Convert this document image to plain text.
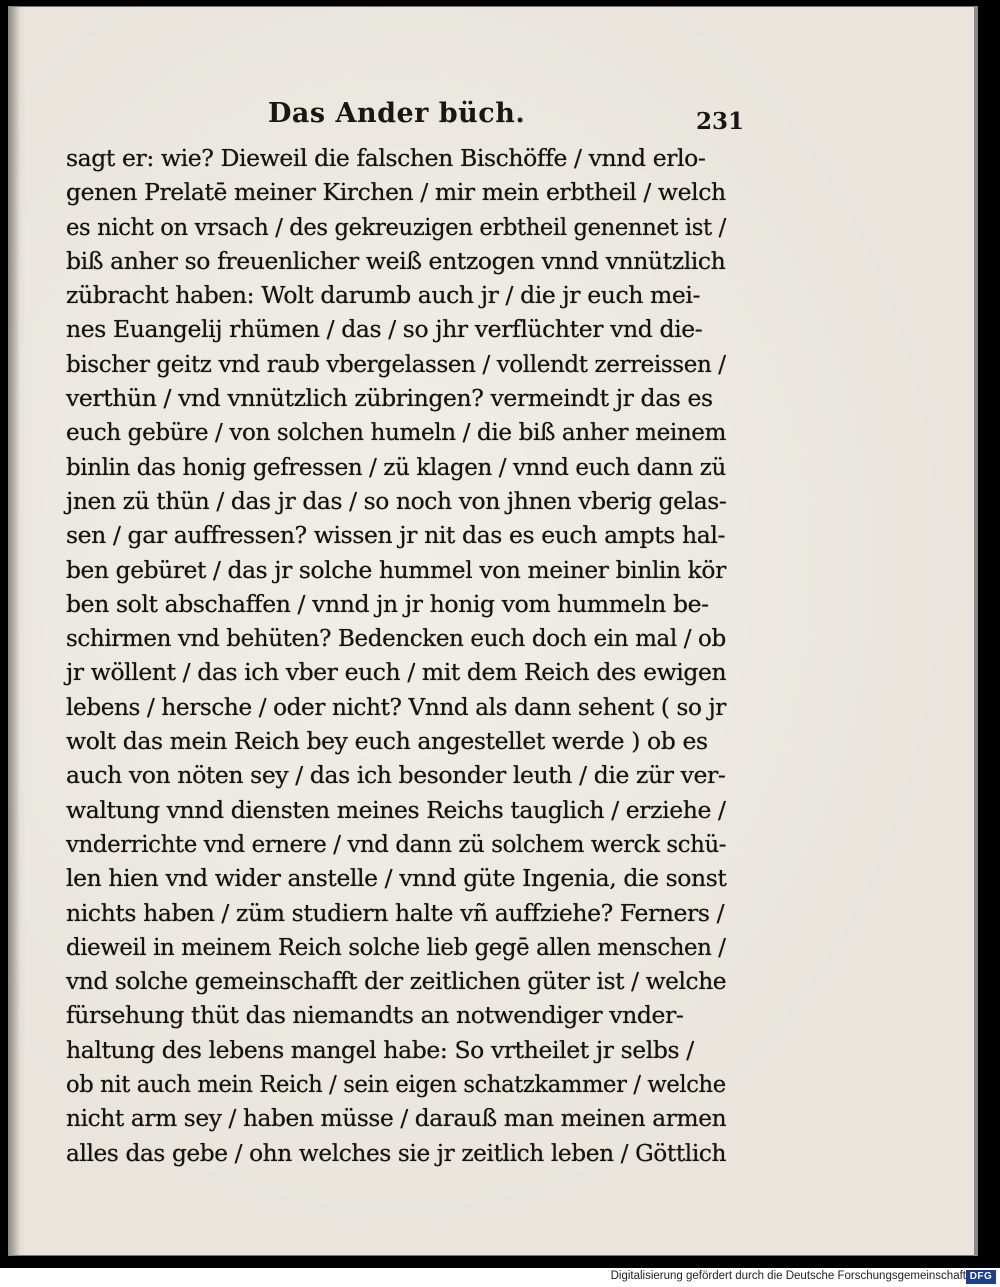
Das Ander büch.	231
sagt er: wie? Dieweil die falschen Bischöffe / vnnd erlo-
genen Prelatē meiner Kirchen / mir mein erbtheil / welch
es nicht on vrsach / des gekreuzigen erbtheil genennet ist /
biß anher so freuenlicher weiß entzogen vnnd vnnützlich
zübracht haben: Wolt darumb auch jr / die jr euch mei-
nes Euangelij rhümen / das / so jhr verflüchter vnd die-
bischer geitz vnd raub vbergelassen / vollendt zerreissen /
verthün / vnd vnnützlich zübringen? vermeindt jr das es
euch gebüre / von solchen humeln / die biß anher meinem
binlin das honig gefressen / zü klagen / vnnd euch dann zü
jnen zü thün / das jr das / so noch von jhnen vberig gelas-
sen / gar auffressen? wissen jr nit das es euch ampts hal-
ben gebüret / das jr solche hummel von meiner binlin kör
ben solt abschaffen / vnnd jn jr honig vom hummeln be-
schirmen vnd behüten? Bedencken euch doch ein mal / ob
jr wöllent / das ich vber euch / mit dem Reich des ewigen
lebens / hersche / oder nicht? Vnnd als dann sehent ( so jr
wolt das mein Reich bey euch angestellet werde ) ob es
auch von nöten sey / das ich besonder leuth / die zür ver-
waltung vnnd diensten meines Reichs tauglich / erziehe /
vnderrichte vnd ernere / vnd dann zü solchem werck schü-
len hien vnd wider anstelle / vnnd güte Ingenia, die sonst
nichts haben / züm studiern halte vñ auffziehe? Ferners /
dieweil in meinem Reich solche lieb gegē allen menschen /
vnd solche gemeinschafft der zeitlichen güter ist / welche
fürsehung thüt das niemandts an notwendiger vnder-
haltung des lebens mangel habe: So vrtheilet jr selbs /
ob nit auch mein Reich / sein eigen schatzkammer / welche
nicht arm sey / haben müsse / darauß man meinen armen
alles das gebe / ohn welches sie jr zeitlich leben / Göttlich
Digitalisierung gefördert durch die Deutsche Forschungsgemeinschaft DFG
